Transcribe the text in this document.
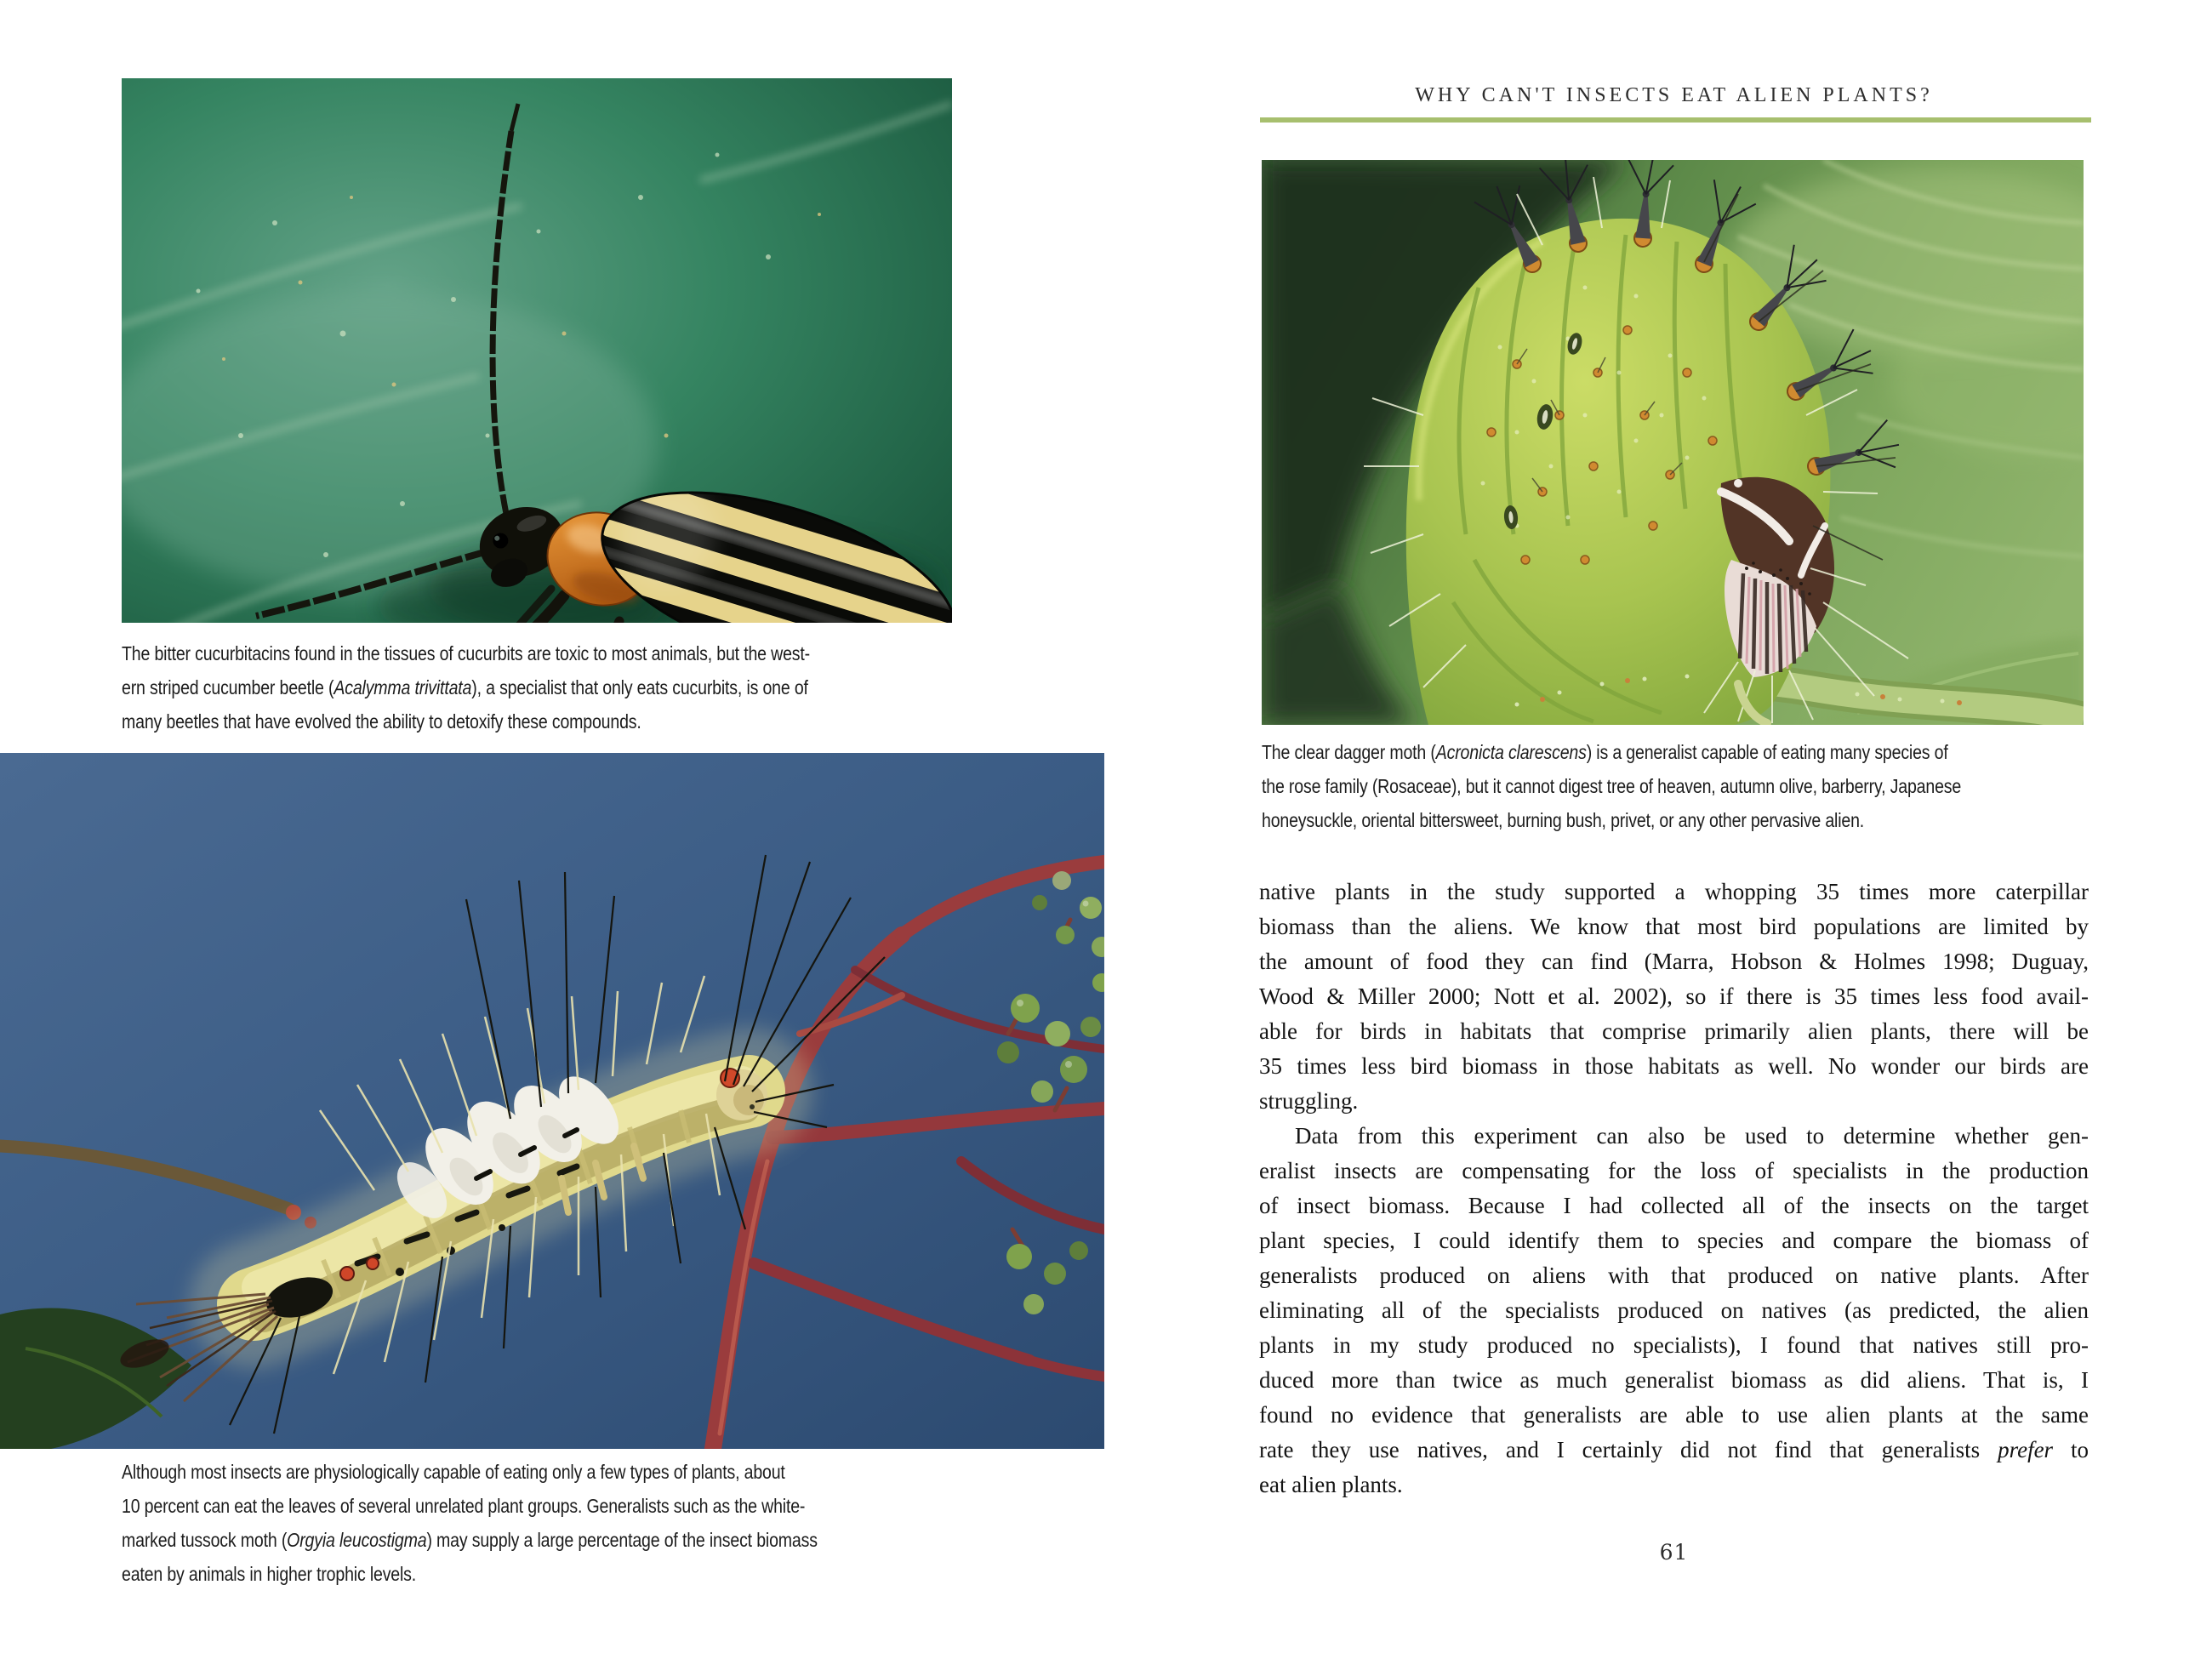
The bitter cucurbitacins found in the tissues of cucurbits are toxic to most animals, but the west-
ern striped cucumber beetle (Acalymma trivittata), a specialist that only eats cucurbits, is one of
many beetles that have evolved the ability to detoxify these compounds.
Although most insects are physiologically capable of eating only a few types of plants, about
10 percent can eat the leaves of several unrelated plant groups. Generalists such as the white-
marked tussock moth (Orgyia leucostigma) may supply a large percentage of the insect biomass
eaten by animals in higher trophic levels.
WHY CAN'T INSECTS EAT ALIEN PLANTS?
The clear dagger moth (Acronicta clarescens) is a generalist capable of eating many species of
the rose family (Rosaceae), but it cannot digest tree of heaven, autumn olive, barberry, Japanese
honeysuckle, oriental bittersweet, burning bush, privet, or any other pervasive alien.
native plants in the study supported a whopping 35 times more caterpillar
biomass than the aliens. We know that most bird populations are limited by
the amount of food they can find (Marra, Hobson & Holmes 1998; Duguay,
Wood & Miller 2000; Nott et al. 2002), so if there is 35 times less food avail-
able for birds in habitats that comprise primarily alien plants, there will be
35 times less bird biomass in those habitats as well. No wonder our birds are
struggling.
Data from this experiment can also be used to determine whether gen-
eralist insects are compensating for the loss of specialists in the production
of insect biomass. Because I had collected all of the insects on the target
plant species, I could identify them to species and compare the biomass of
generalists produced on aliens with that produced on native plants. After
eliminating all of the specialists produced on natives (as predicted, the alien
plants in my study produced no specialists), I found that natives still pro-
duced more than twice as much generalist biomass as did aliens. That is, I
found no evidence that generalists are able to use alien plants at the same
rate they use natives, and I certainly did not find that generalists prefer to
eat alien plants.
61
